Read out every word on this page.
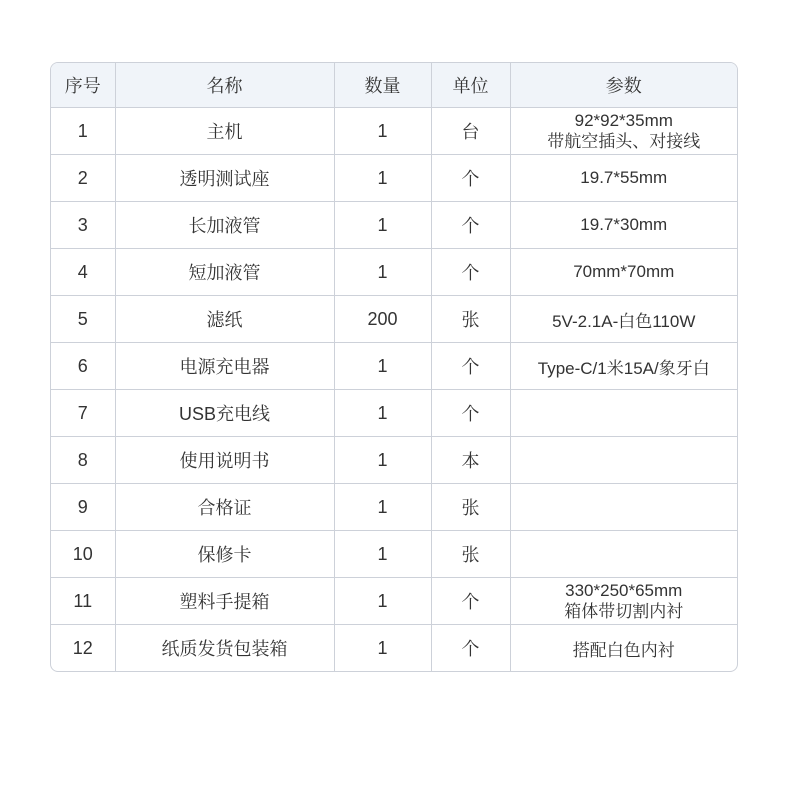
序号	名称	数量	单位	参数
1	主机	1	台	92*92*35mm
带航空插头、对接线

2	透明测试座	1	个	19.7*55mm

3	长加液管	1	个	19.7*30mm

4	短加液管	1	个	70mm*70mm

5	滤纸	200	张	5V-2.1A-白色110W

6	电源充电器	1	个	Type-C/1米15A/象牙白

7	USB充电线	1	个	
8	使用说明书	1	本	
9	合格证	1	张	
10	保修卡	1	张	
11	塑料手提箱	1	个	330*250*65mm
箱体带切割内衬

12	纸质发货包装箱	1	个	搭配白色内衬
